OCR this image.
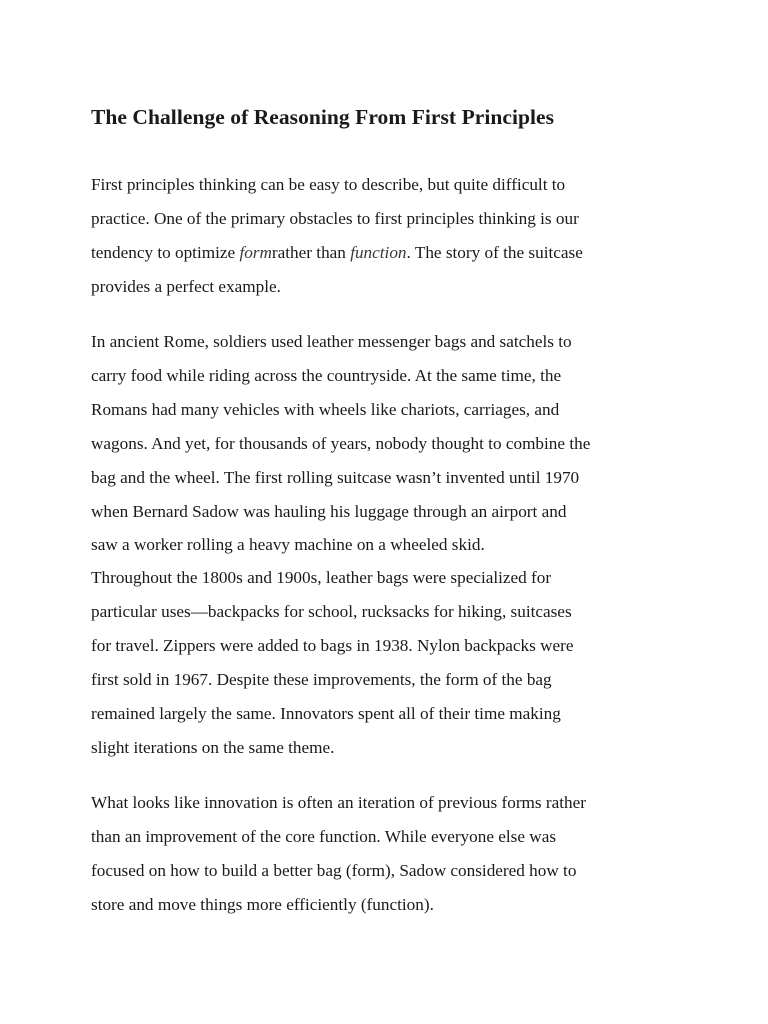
The Challenge of Reasoning From First Principles

First principles thinking can be easy to describe, but quite difficult to
practice. One of the primary obstacles to first principles thinking is our
tendency to optimize formrather than function. The story of the suitcase
provides a perfect example.

In ancient Rome, soldiers used leather messenger bags and satchels to
carry food while riding across the countryside. At the same time, the
Romans had many vehicles with wheels like chariots, carriages, and
wagons. And yet, for thousands of years, nobody thought to combine the
bag and the wheel. The first rolling suitcase wasn’t invented until 1970
when Bernard Sadow was hauling his luggage through an airport and
saw a worker rolling a heavy machine on a wheeled skid.

Throughout the 1800s and 1900s, leather bags were specialized for
particular uses—backpacks for school, rucksacks for hiking, suitcases
for travel. Zippers were added to bags in 1938. Nylon backpacks were
first sold in 1967. Despite these improvements, the form of the bag
remained largely the same. Innovators spent all of their time making
slight iterations on the same theme.

What looks like innovation is often an iteration of previous forms rather
than an improvement of the core function. While everyone else was
focused on how to build a better bag (form), Sadow considered how to
store and move things more efficiently (function).
